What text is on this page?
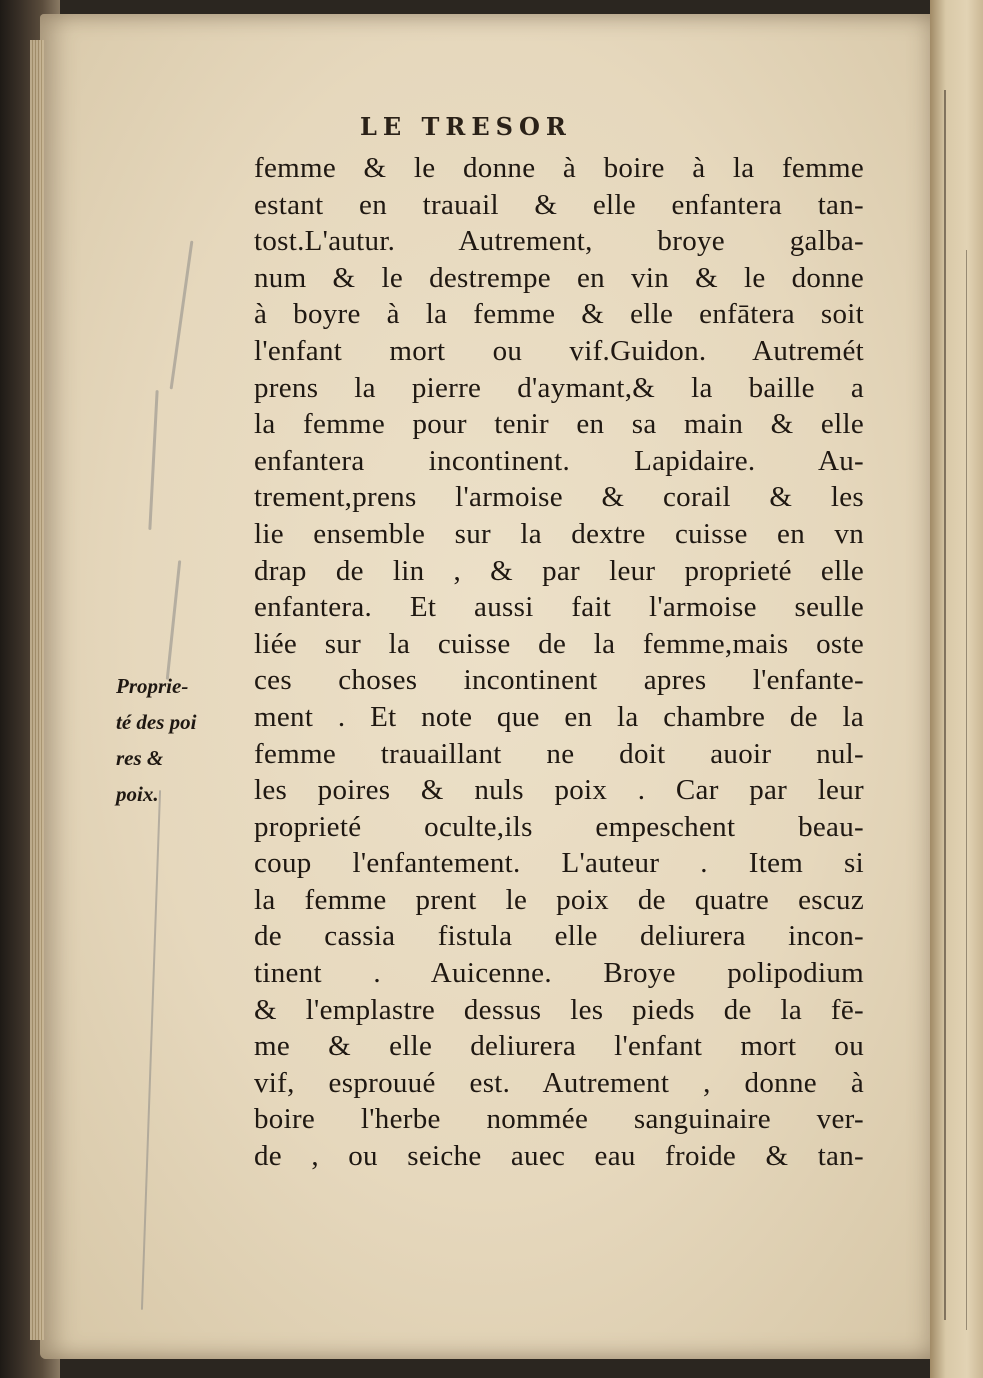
LE TRESOR
femme & le donne à boire à la femme
estant en trauail & elle enfantera tan-
tost.L'autur. Autrement, broye galba-
num & le destrempe en vin & le donne
à boyre à la femme & elle enfātera soit
l'enfant mort ou vif.Guidon. Autremét
prens la pierre d'aymant,& la baille a
la femme pour tenir en sa main & elle
enfantera incontinent. Lapidaire. Au-
trement,prens l'armoise & corail & les
lie ensemble sur la dextre cuisse en vn
drap de lin , & par leur proprieté elle
enfantera. Et aussi fait l'armoise seulle
liée sur la cuisse de la femme,mais oste
ces choses incontinent apres l'enfante-
ment . Et note que en la chambre de la
femme trauaillant ne doit auoir nul-
les poires & nuls poix . Car par leur
proprieté oculte,ils empeschent beau-
coup l'enfantement. L'auteur . Item si
la femme prent le poix de quatre escuz
de cassia fistula elle deliurera incon-
tinent . Auicenne. Broye polipodium
& l'emplastre dessus les pieds de la fē-
me & elle deliurera l'enfant mort ou
vif, esprouué est. Autrement , donne à
boire l'herbe nommée sanguinaire ver-
de , ou seiche auec eau froide & tan-
Proprie-
té des poi
res &
poix.
